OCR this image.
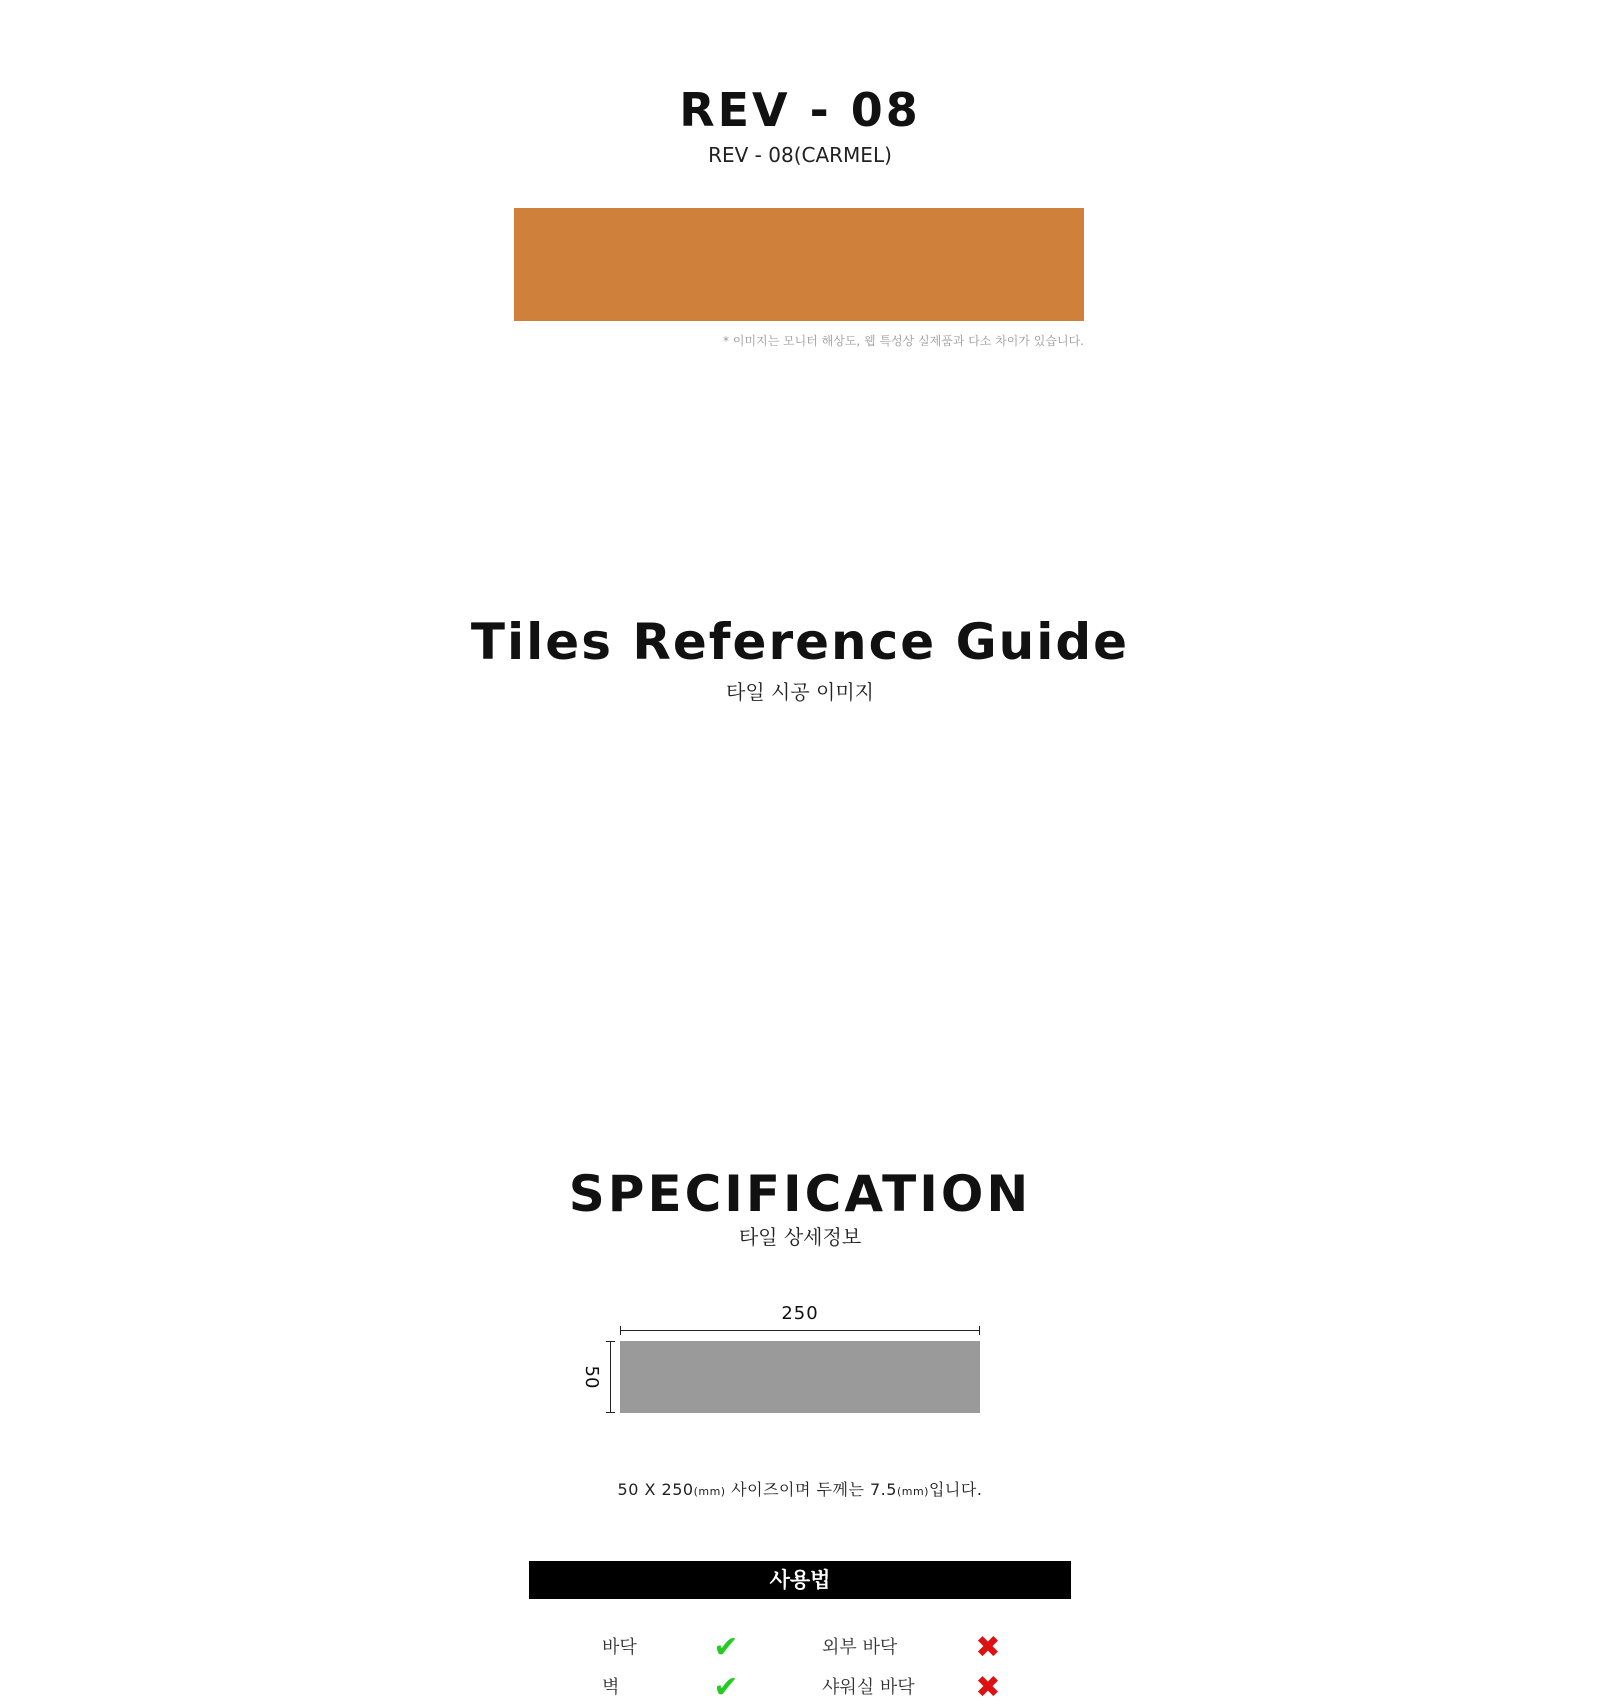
REV - 08
REV - 08(CARMEL)
* 이미지는 모니터 해상도, 웹 특성상 실제품과 다소 차이가 있습니다.
Tiles Reference Guide
타일 시공 이미지
SPECIFICATION
타일 상세정보
250
50
50 X 250(mm) 사이즈이며 두께는 7.5(mm)입니다.
사용법
바닥	✔	외부 바닥	✖
벽	✔	샤워실 바닥 ✖
